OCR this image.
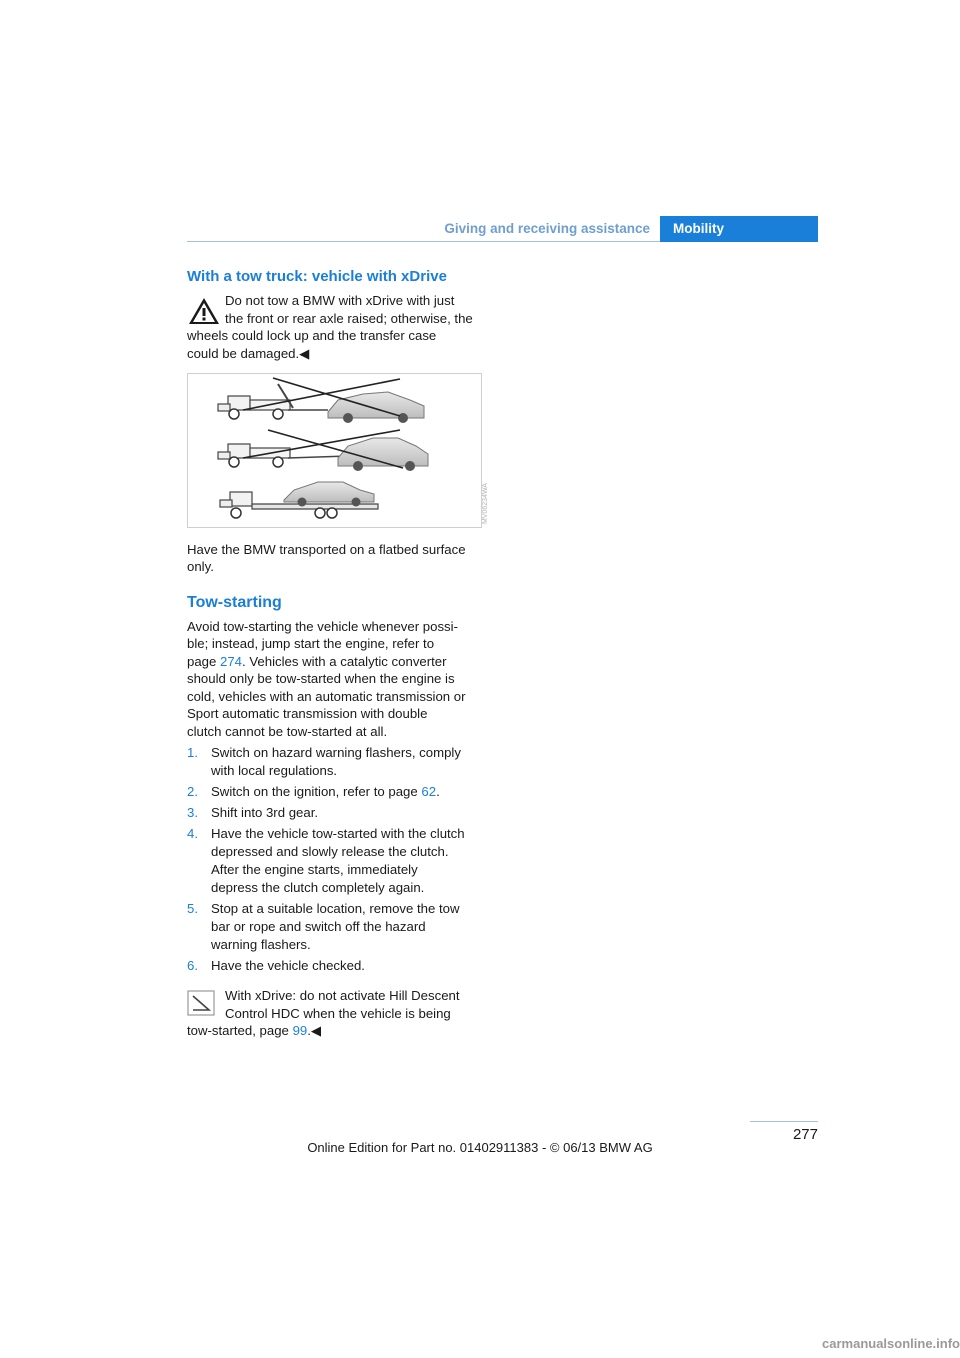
Giving and receiving assistance	Mobility
With a tow truck: vehicle with xDrive

Do not tow a BMW with xDrive with just

the front or rear axle raised; otherwise, the

wheels could lock up and the transfer case

could be damaged.◀

MV06234WA

Have the BMW transported on a flatbed surface

only.

Tow-starting

Avoid tow-starting the vehicle whenever possi-

ble; instead, jump start the engine, refer to

page 274. Vehicles with a catalytic converter

should only be tow-started when the engine is

cold, vehicles with an automatic transmission or

Sport automatic transmission with double

clutch cannot be tow-started at all.

1. Switch on hazard warning flashers, comply
with local regulations.
2. Switch on the ignition, refer to page 62.
3. Shift into 3rd gear.
4. Have the vehicle tow-started with the clutch
depressed and slowly release the clutch.
After the engine starts, immediately
depress the clutch completely again.
5. Stop at a suitable location, remove the tow
bar or rope and switch off the hazard
warning flashers.
6. Have the vehicle checked.

With xDrive: do not activate Hill Descent

Control HDC when the vehicle is being

tow-started, page 99.◀

277
Online Edition for Part no. 01402911383 - © 06/13 BMW AG
carmanualsonline.info
